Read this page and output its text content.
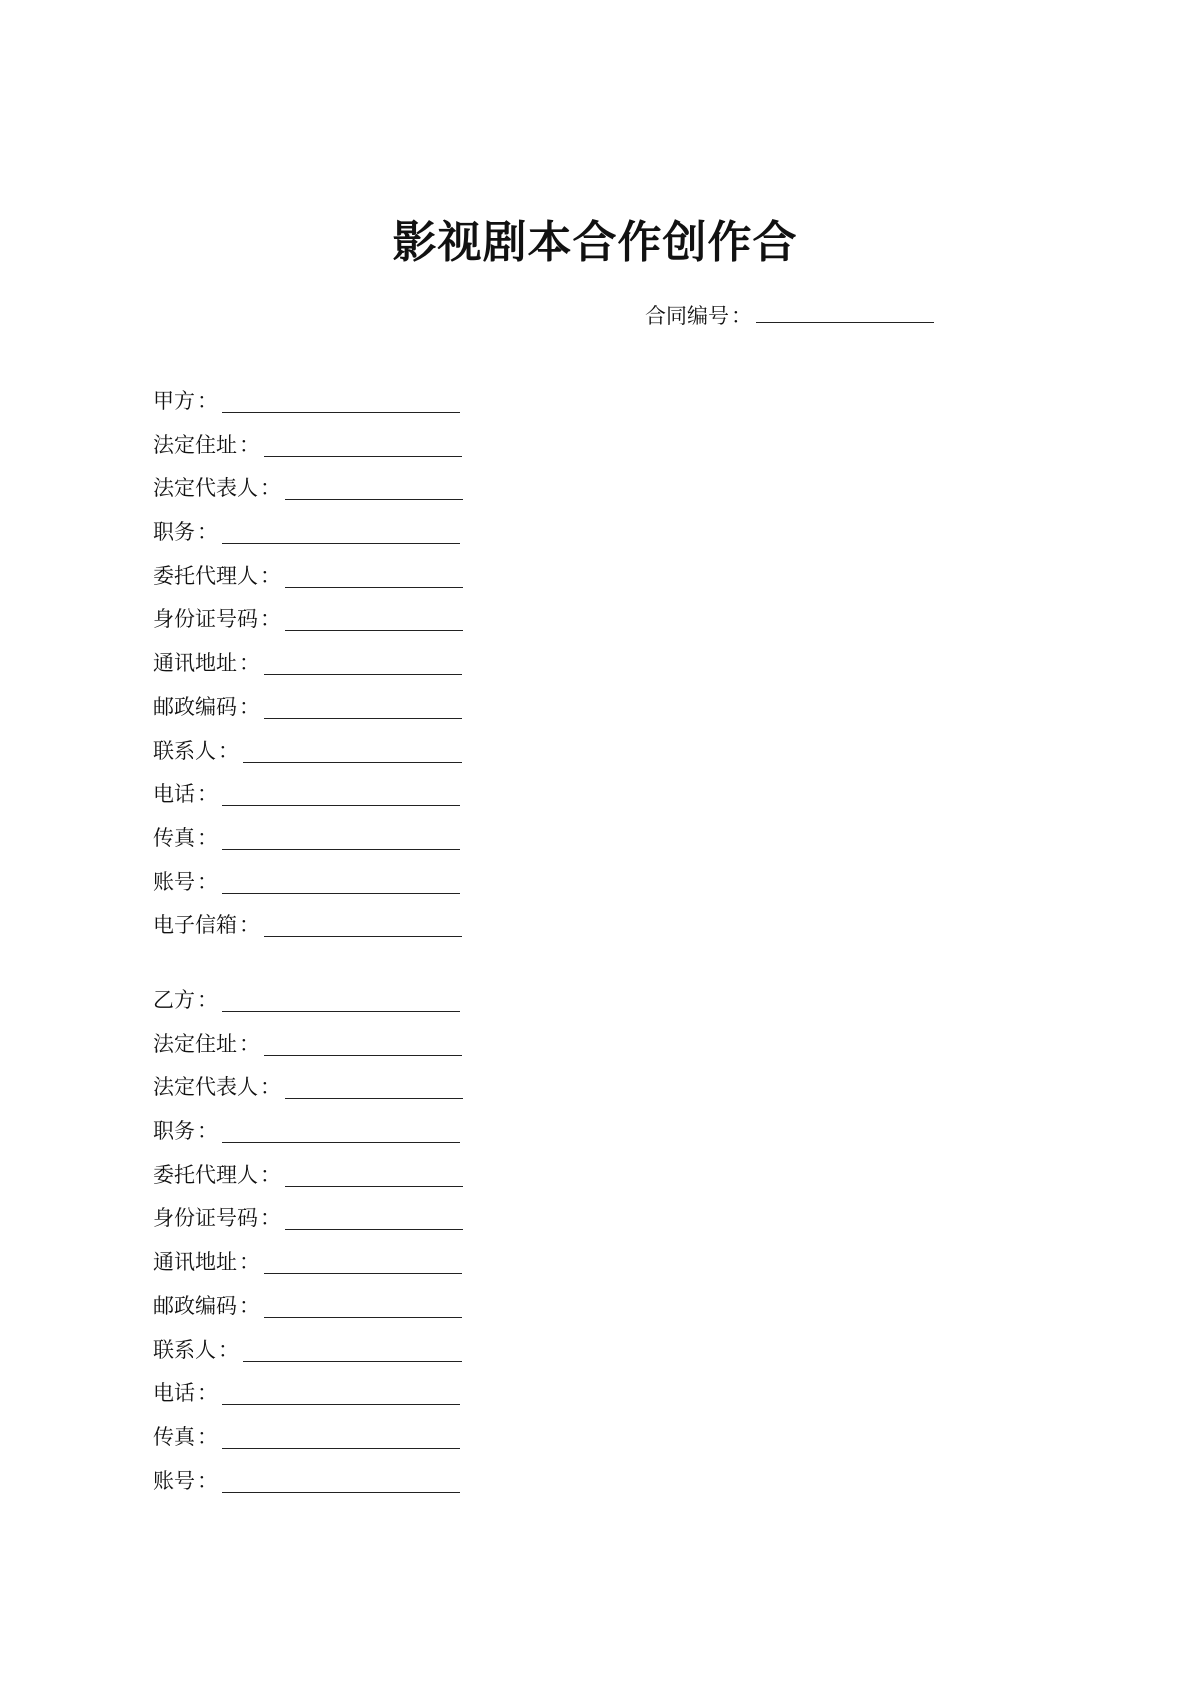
影视剧本合作创作合
合同编号：
甲方 ：
法定住址 ：
法定代表人 ：
职务 ：
委托代理人 ：
身份证号码 ：
通讯地址 ：
邮政编码 ：
联系人 ：
电话 ：
传真 ：
账号 ：
电子信箱 ：
乙方 ：
法定住址 ：
法定代表人 ：
职务 ：
委托代理人 ：
身份证号码 ：
通讯地址 ：
邮政编码 ：
联系人 ：
电话 ：
传真 ：
账号 ：
